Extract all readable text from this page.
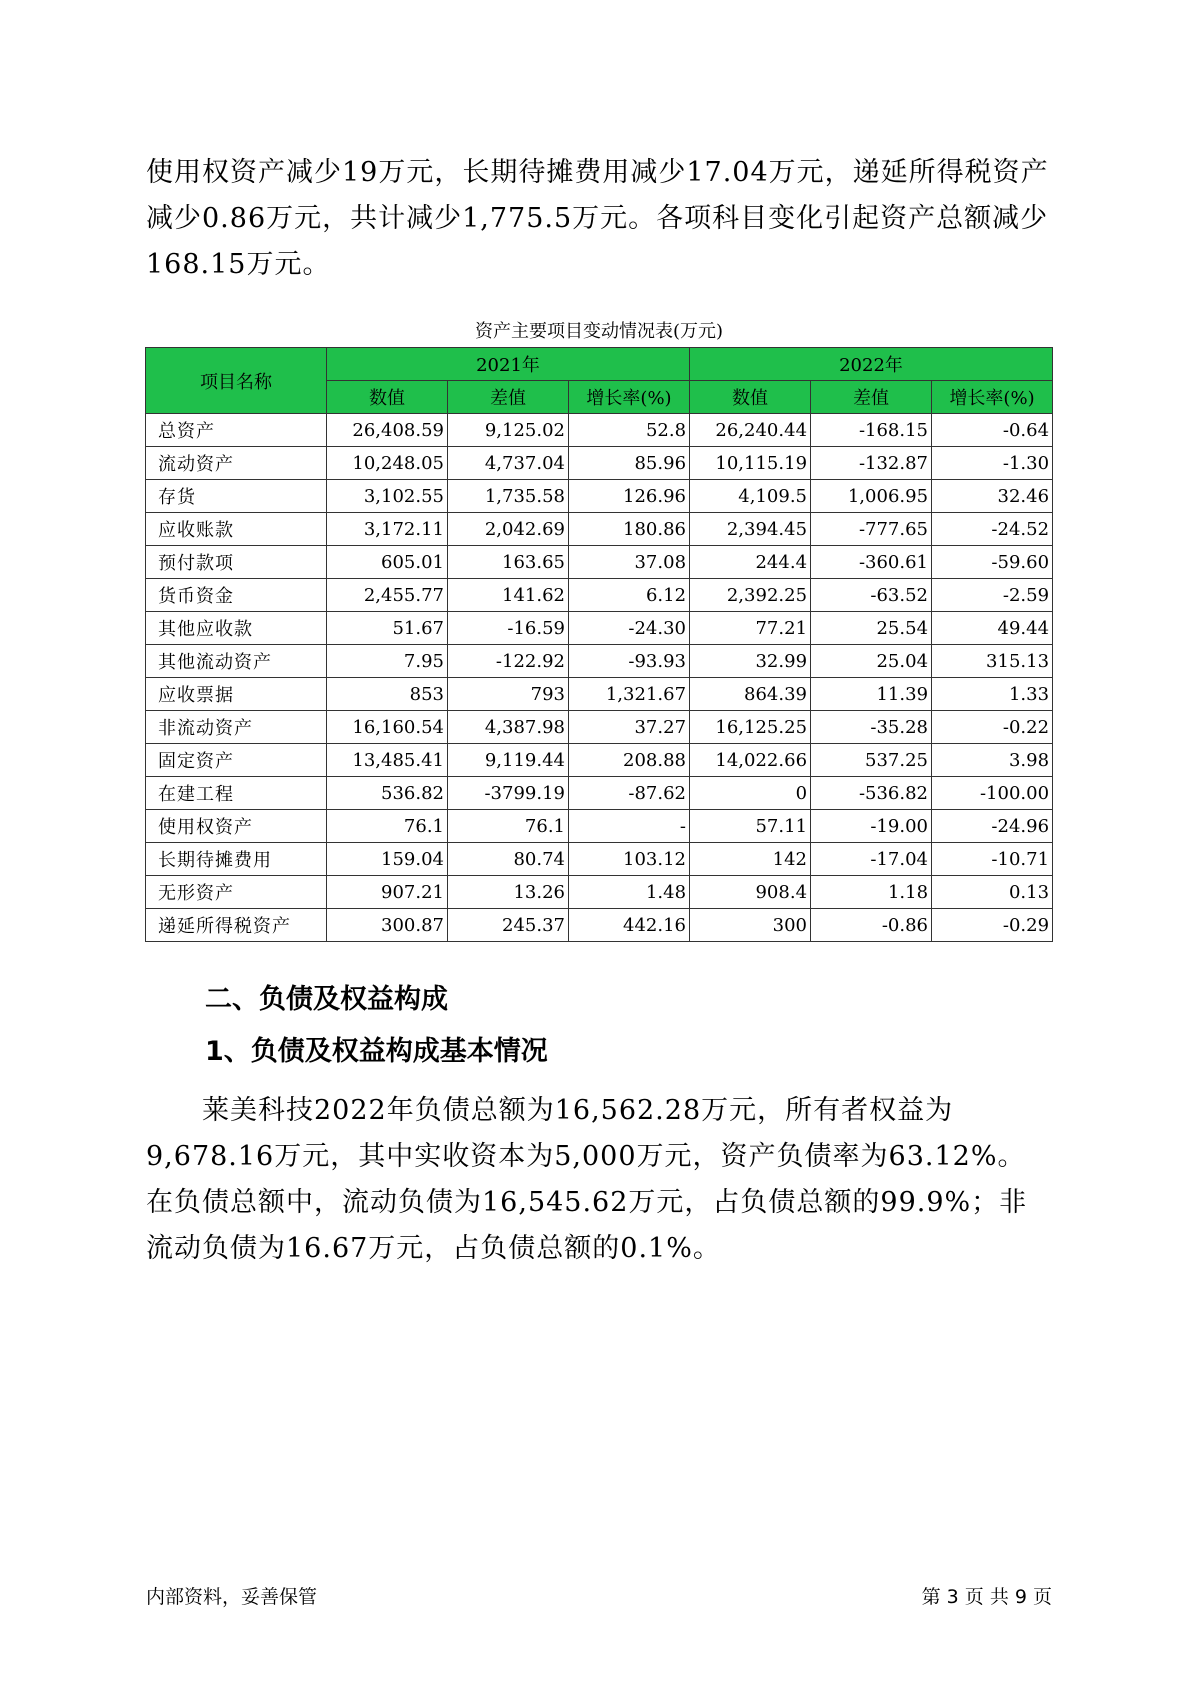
使用权资产减少19万元，长期待摊费用减少17.04万元，递延所得税资产减少0.86万元，共计减少1,775.5万元。各项科目变化引起资产总额减少168.15万元。

资产主要项目变动情况表(万元)
项目名称	2021年			2022年		
	数值	差值	增长率(%)	数值	差值	增长率(%)
总资产	26,408.59	9,125.02	52.8	26,240.44	-168.15	-0.64
流动资产	10,248.05	4,737.04	85.96	10,115.19	-132.87	-1.30
存货	3,102.55	1,735.58	126.96	4,109.5	1,006.95	32.46
应收账款	3,172.11	2,042.69	180.86	2,394.45	-777.65	-24.52
预付款项	605.01	163.65	37.08	244.4	-360.61	-59.60
货币资金	2,455.77	141.62	6.12	2,392.25	-63.52	-2.59
其他应收款	51.67	-16.59	-24.30	77.21	25.54	49.44
其他流动资产	7.95	-122.92	-93.93	32.99	25.04	315.13
应收票据	853	793	1,321.67	864.39	11.39	1.33
非流动资产	16,160.54	4,387.98	37.27	16,125.25	-35.28	-0.22
固定资产	13,485.41	9,119.44	208.88	14,022.66	537.25	3.98
在建工程	536.82	-3799.19	-87.62	0	-536.82	-100.00
使用权资产	76.1	76.1	-	57.11	-19.00	-24.96
长期待摊费用	159.04	80.74	103.12	142	-17.04	-10.71
无形资产	907.21	13.26	1.48	908.4	1.18	0.13
递延所得税资产	300.87	245.37	442.16	300	-0.86	-0.29
二、负债及权益构成
1、负债及权益构成基本情况

莱美科技2022年负债总额为16,562.28万元，所有者权益为9,678.16万元，其中实收资本为5,000万元，资产负债率为63.12%。在负债总额中，流动负债为16,545.62万元，占负债总额的99.9%；非流动负债为16.67万元，占负债总额的0.1%。

内部资料，妥善保管	第 3 页 共 9 页
